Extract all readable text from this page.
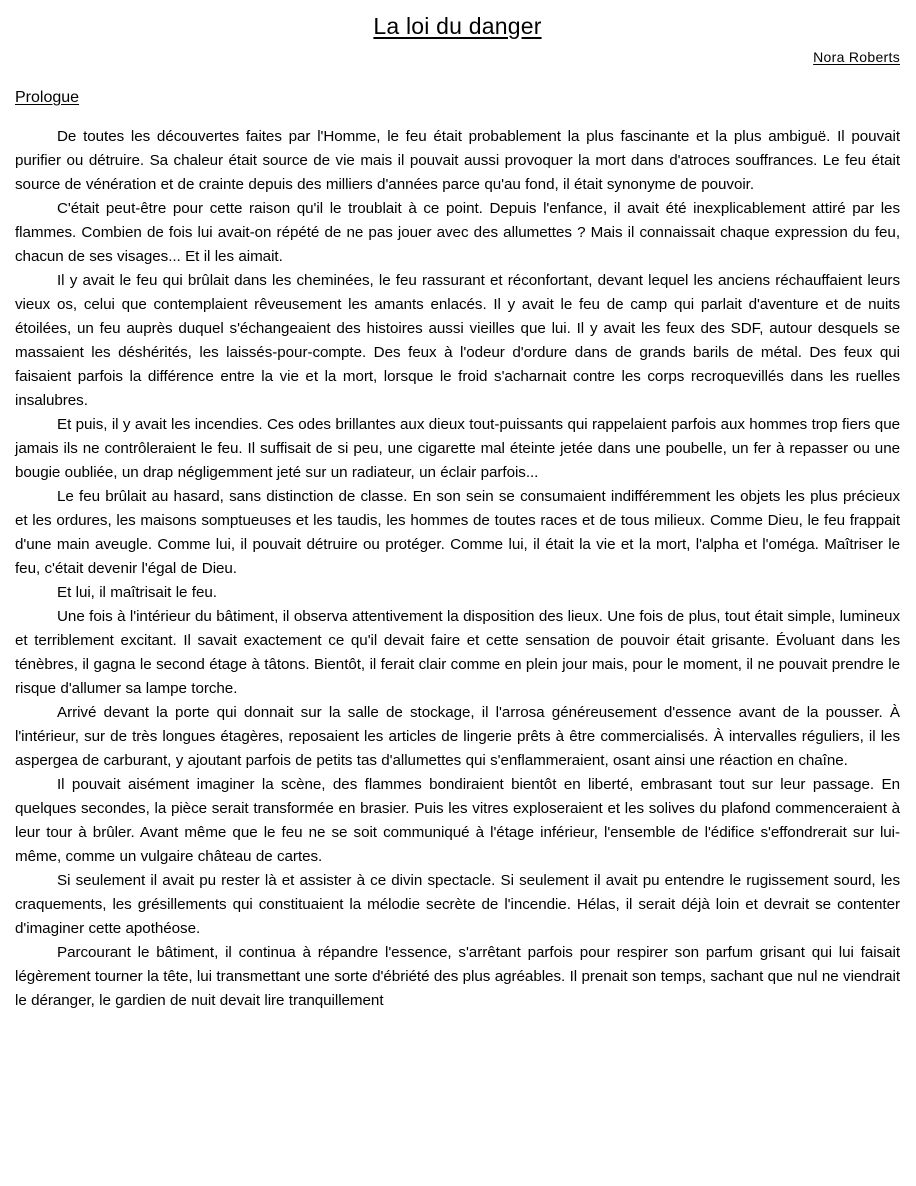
La loi du danger
Nora Roberts
Prologue

De toutes les découvertes faites par l'Homme, le feu était probablement la plus fascinante et la plus ambiguë. Il pouvait purifier ou détruire. Sa chaleur était source de vie mais il pouvait aussi provoquer la mort dans d'atroces souffrances. Le feu était source de vénération et de crainte depuis des milliers d'années parce qu'au fond, il était synonyme de pouvoir.

C'était peut-être pour cette raison qu'il le troublait à ce point. Depuis l'enfance, il avait été inexplicablement attiré par les flammes. Combien de fois lui avait-on répété de ne pas jouer avec des allumettes ? Mais il connaissait chaque expression du feu, chacun de ses visages... Et il les aimait.

Il y avait le feu qui brûlait dans les cheminées, le feu rassurant et réconfortant, devant lequel les anciens réchauffaient leurs vieux os, celui que contemplaient rêveusement les amants enlacés. Il y avait le feu de camp qui parlait d'aventure et de nuits étoilées, un feu auprès duquel s'échangeaient des histoires aussi vieilles que lui. Il y avait les feux des SDF, autour desquels se massaient les déshérités, les laissés-pour-compte. Des feux à l'odeur d'ordure dans de grands barils de métal. Des feux qui faisaient parfois la différence entre la vie et la mort, lorsque le froid s'acharnait contre les corps recroquevillés dans les ruelles insalubres.

Et puis, il y avait les incendies. Ces odes brillantes aux dieux tout-puissants qui rappelaient parfois aux hommes trop fiers que jamais ils ne contrôleraient le feu. Il suffisait de si peu, une cigarette mal éteinte jetée dans une poubelle, un fer à repasser ou une bougie oubliée, un drap négligemment jeté sur un radiateur, un éclair parfois...

Le feu brûlait au hasard, sans distinction de classe. En son sein se consumaient indifféremment les objets les plus précieux et les ordures, les maisons somptueuses et les taudis, les hommes de toutes races et de tous milieux. Comme Dieu, le feu frappait d'une main aveugle. Comme lui, il pouvait détruire ou protéger. Comme lui, il était la vie et la mort, l'alpha et l'oméga. Maîtriser le feu, c'était devenir l'égal de Dieu.

Et lui, il maîtrisait le feu.

Une fois à l'intérieur du bâtiment, il observa attentivement la disposition des lieux. Une fois de plus, tout était simple, lumineux et terriblement excitant. Il savait exactement ce qu'il devait faire et cette sensation de pouvoir était grisante. Évoluant dans les ténèbres, il gagna le second étage à tâtons. Bientôt, il ferait clair comme en plein jour mais, pour le moment, il ne pouvait prendre le risque d'allumer sa lampe torche.

Arrivé devant la porte qui donnait sur la salle de stockage, il l'arrosa généreusement d'essence avant de la pousser. À l'intérieur, sur de très longues étagères, reposaient les articles de lingerie prêts à être commercialisés. À intervalles réguliers, il les aspergea de carburant, y ajoutant parfois de petits tas d'allumettes qui s'enflammeraient, osant ainsi une réaction en chaîne.

Il pouvait aisément imaginer la scène, des flammes bondiraient bientôt en liberté, embrasant tout sur leur passage. En quelques secondes, la pièce serait transformée en brasier. Puis les vitres exploseraient et les solives du plafond commenceraient à leur tour à brûler. Avant même que le feu ne se soit communiqué à l'étage inférieur, l'ensemble de l'édifice s'effondrerait sur lui-même, comme un vulgaire château de cartes.

Si seulement il avait pu rester là et assister à ce divin spectacle. Si seulement il avait pu entendre le rugissement sourd, les craquements, les grésillements qui constituaient la mélodie secrète de l'incendie. Hélas, il serait déjà loin et devrait se contenter d'imaginer cette apothéose.

Parcourant le bâtiment, il continua à répandre l'essence, s'arrêtant parfois pour respirer son parfum grisant qui lui faisait légèrement tourner la tête, lui transmettant une sorte d'ébriété des plus agréables. Il prenait son temps, sachant que nul ne viendrait le déranger, le gardien de nuit devait lire tranquillement
